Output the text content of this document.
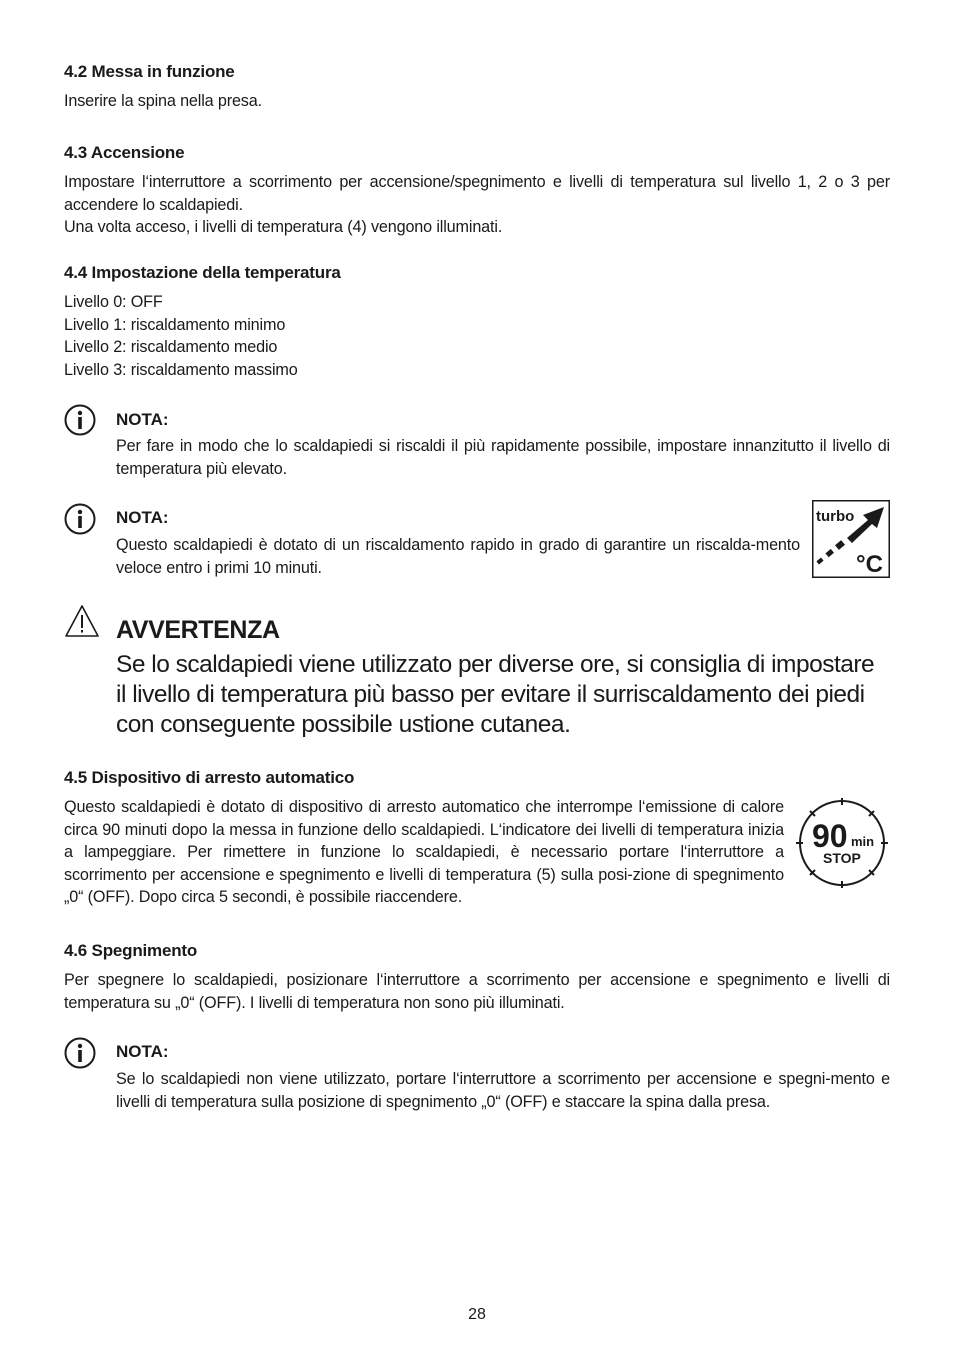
4.2 Messa in funzione
Inserire la spina nella presa.
4.3 Accensione
Impostare l‘interruttore a scorrimento per accensione/spegnimento e livelli di temperatura sul livello 1, 2 o 3 per accendere lo scaldapiedi.
Una volta acceso, i livelli di temperatura (4) vengono illuminati.
4.4 Impostazione della temperatura
Livello 0: OFF
Livello 1: riscaldamento minimo
Livello 2: riscaldamento medio
Livello 3: riscaldamento massimo
NOTA:
Per fare in modo che lo scaldapiedi si riscaldi il più rapidamente possibile, impostare innanzitutto il livello di temperatura più elevato.
NOTA:
Questo scaldapiedi è dotato di un riscaldamento rapido in grado di garantire un riscalda-mento veloce entro i primi 10 minuti.
turbo
°C
AVVERTENZA
Se lo scaldapiedi viene utilizzato per diverse ore, si consiglia di impostare il livello di temperatura più basso per evitare il surriscaldamento dei piedi con conseguente possibile ustione cutanea.
4.5 Dispositivo di arresto automatico
Questo scaldapiedi è dotato di dispositivo di arresto automatico che interrompe l‘emissione di calore circa 90 minuti dopo la messa in funzione dello scaldapiedi. L‘indicatore dei livelli di temperatura inizia a lampeggiare. Per rimettere in funzione lo scaldapiedi, è necessario portare l‘interruttore a scorrimento per accensione e spegnimento e livelli di temperatura (5) sulla posi-zione di spegnimento „0“ (OFF). Dopo circa 5 secondi, è possibile riaccendere.
90 min
STOP
4.6 Spegnimento
Per spegnere lo scaldapiedi, posizionare l‘interruttore a scorrimento per accensione e spegnimento e livelli di temperatura su „0“ (OFF). I livelli di temperatura non sono più illuminati.
NOTA:
Se lo scaldapiedi non viene utilizzato, portare l‘interruttore a scorrimento per accensione e spegni-mento e livelli di temperatura sulla posizione di spegnimento „0“ (OFF) e staccare la spina dalla presa.
28
